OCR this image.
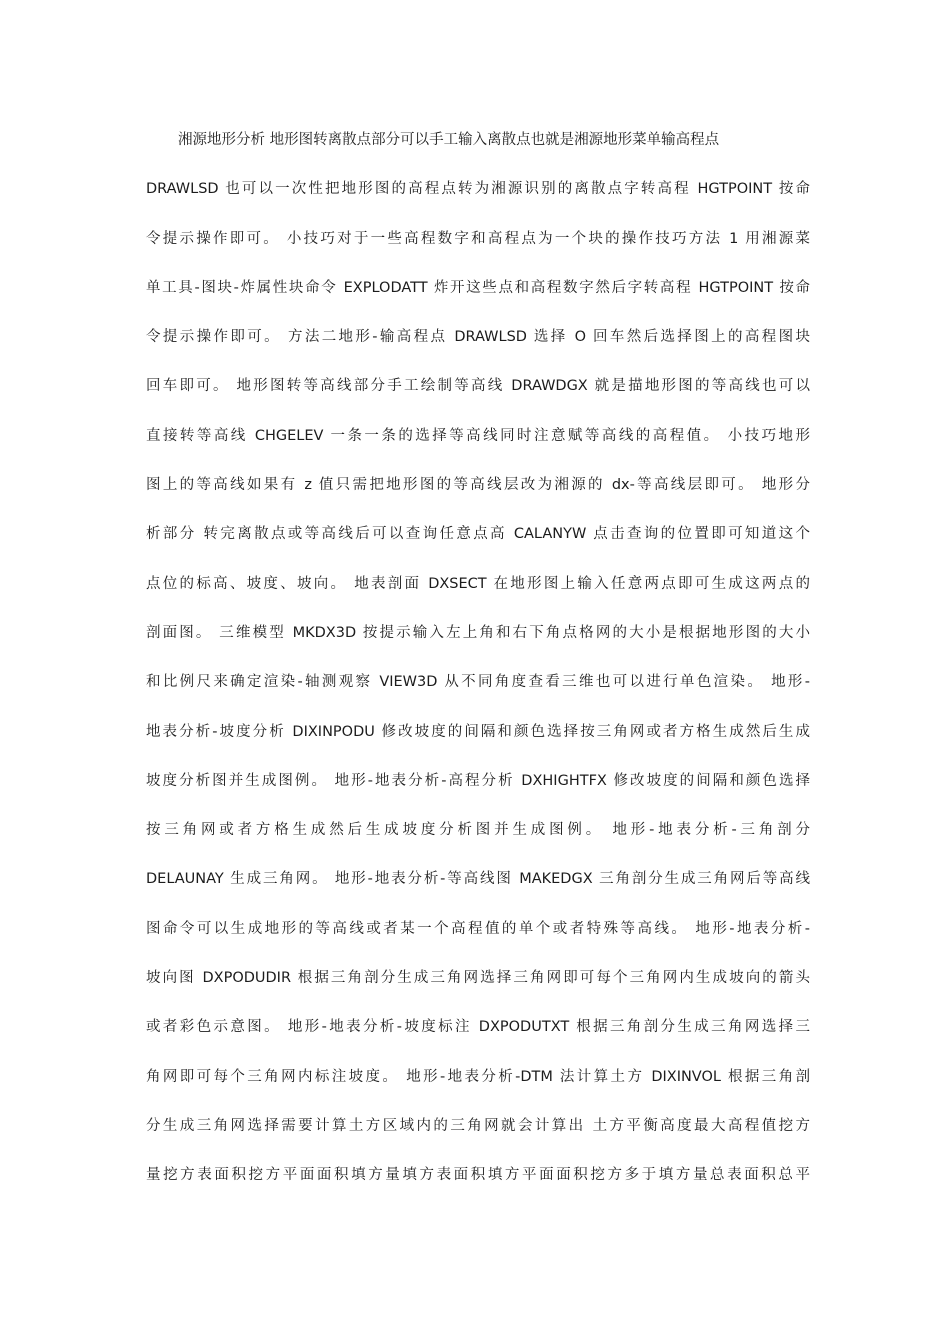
湘源地形分析 地形图转离散点部分可以手工输入离散点也就是湘源地形菜单输高程点
DRAWLSD 也可以一次性把地形图的高程点转为湘源识别的离散点字转高程 HGTPOINT 按命
令提示操作即可。 小技巧对于一些高程数字和高程点为一个块的操作技巧方法 1 用湘源菜
单工具-图块-炸属性块命令 EXPLODATT 炸开这些点和高程数字然后字转高程 HGTPOINT 按命
令提示操作即可。 方法二地形-输高程点 DRAWLSD 选择 O 回车然后选择图上的高程图块
回车即可。 地形图转等高线部分手工绘制等高线 DRAWDGX 就是描地形图的等高线也可以
直接转等高线 CHGELEV 一条一条的选择等高线同时注意赋等高线的高程值。 小技巧地形
图上的等高线如果有 z 值只需把地形图的等高线层改为湘源的 dx-等高线层即可。 地形分
析部分 转完离散点或等高线后可以查询任意点高 CALANYW 点击查询的位置即可知道这个
点位的标高、坡度、坡向。 地表剖面 DXSECT 在地形图上输入任意两点即可生成这两点的
剖面图。 三维模型 MKDX3D 按提示输入左上角和右下角点格网的大小是根据地形图的大小
和比例尺来确定渲染-轴测观察 VIEW3D 从不同角度查看三维也可以进行单色渲染。 地形-
地表分析-坡度分析 DIXINPODU 修改坡度的间隔和颜色选择按三角网或者方格生成然后生成
坡度分析图并生成图例。 地形-地表分析-高程分析 DXHIGHTFX 修改坡度的间隔和颜色选择
按三角网或者方格生成然后生成坡度分析图并生成图例。 地形-地表分析-三角剖分
DELAUNAY 生成三角网。 地形-地表分析-等高线图 MAKEDGX 三角剖分生成三角网后等高线
图命令可以生成地形的等高线或者某一个高程值的单个或者特殊等高线。 地形-地表分析-
坡向图 DXPODUDIR 根据三角剖分生成三角网选择三角网即可每个三角网内生成坡向的箭头
或者彩色示意图。 地形-地表分析-坡度标注 DXPODUTXT 根据三角剖分生成三角网选择三
角网即可每个三角网内标注坡度。 地形-地表分析-DTM 法计算土方 DIXINVOL 根据三角剖
分生成三角网选择需要计算土方区域内的三角网就会计算出 土方平衡高度最大高程值挖方
量挖方表面积挖方平面面积填方量填方表面积填方平面面积挖方多于填方量总表面积总平
